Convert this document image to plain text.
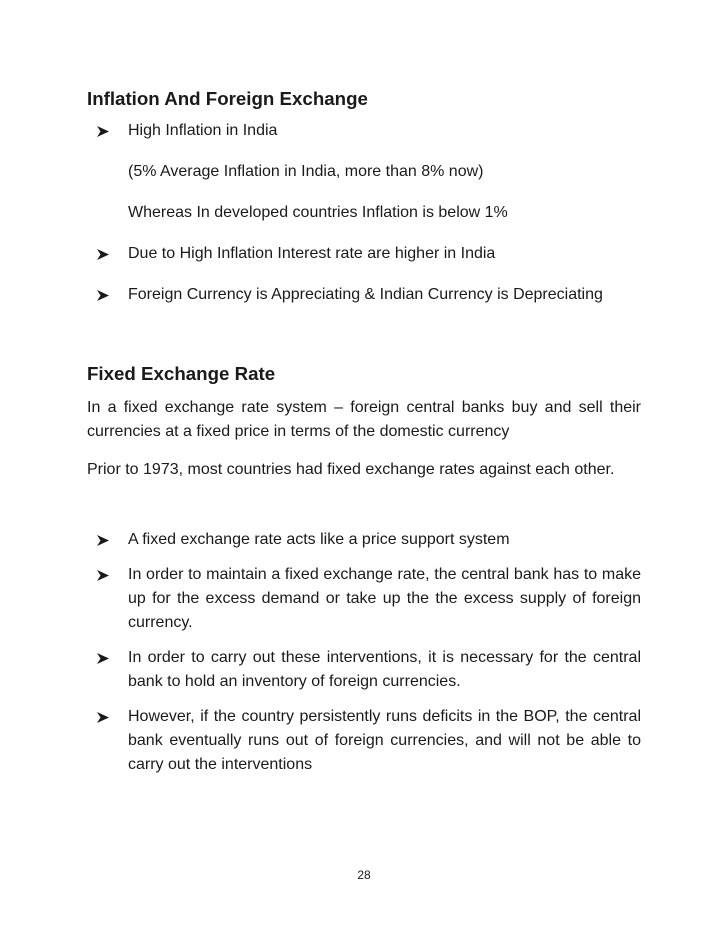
Inflation And Foreign Exchange
High Inflation in India

(5% Average Inflation in India, more than 8% now)

Whereas In developed countries Inflation is below 1%

Due to High Inflation Interest rate are higher in India
Foreign Currency is Appreciating & Indian Currency is Depreciating
Fixed Exchange Rate

In a fixed exchange rate system – foreign central banks buy and sell their currencies at a fixed price in terms of the domestic currency

Prior to 1973, most countries had fixed exchange rates against each other.

A fixed exchange rate acts like a price support system
In order to maintain a fixed exchange rate, the central bank has to make up for the excess demand or take up the the excess supply of foreign currency.
In order to carry out these interventions, it is necessary for the central bank to hold an inventory of foreign currencies.
However, if the country persistently runs deficits in the BOP, the central bank eventually runs out of foreign currencies, and will not be able to carry out the interventions
28
